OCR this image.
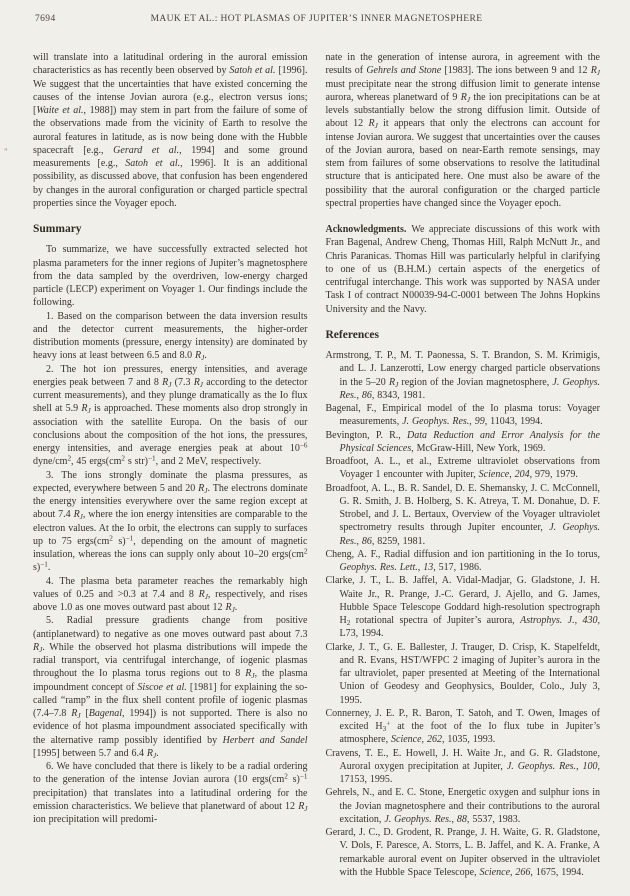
7694	MAUK ET AL.: HOT PLASMAS OF JUPITER’S INNER MAGNETOSPHERE
”

will translate into a latitudinal ordering in the auroral emission characteristics as has recently been observed by Satoh et al. [1996]. We suggest that the uncertainties that have existed concerning the causes of the intense Jovian aurora (e.g., electron versus ions; [Waite et al., 1988]) may stem in part from the failure of some of the observations made from the vicinity of Earth to resolve the auroral features in latitude, as is now being done with the Hubble spacecraft [e.g., Gerard et al., 1994] and some ground measurements [e.g., Satoh et al., 1996]. It is an additional possibility, as discussed above, that confusion has been engendered by changes in the auroral configuration or charged particle spectral properties since the Voyager epoch.

Summary

To summarize, we have successfully extracted selected hot plasma parameters for the inner regions of Jupiter’s magnetosphere from the data sampled by the overdriven, low-energy charged particle (LECP) experiment on Voyager 1. Our findings include the following.

1. Based on the comparison between the data inversion results and the detector current measurements, the higher-order distribution moments (pressure, energy intensity) are dominated by heavy ions at least between 6.5 and 8.0 $R_J$.

2. The hot ion pressures, energy intensities, and average energies peak between 7 and 8 $R_J$ (7.3 $R_J$ according to the detector current measurements), and they plunge dramatically as the Io flux shell at 5.9 $R_J$ is approached. These moments also drop strongly in association with the satellite Europa. On the basis of our conclusions about the composition of the hot ions, the pressures, energy intensities, and average energies peak at about $10^{-6}$ dyne/$cm^2$, 45 $ergs(cm^2$ s str)$^{-1}$, and 2 MeV, respectively.

3. The ions strongly dominate the plasma pressures, as expected, everywhere between 5 and 20 $R_J$. The electrons dominate the energy intensities everywhere over the same region except at about 7.4 $R_J$, where the ion energy intensities are comparable to the electron values. At the Io orbit, the electrons can supply to surfaces up to 75 $ergs(cm^2$ s)$^{-1}$, depending on the amount of magnetic insulation, whereas the ions can supply only about 10–20 $ergs(cm^2$ s)$^{-1}$.

4. The plasma beta parameter reaches the remarkably high values of 0.25 and >0.3 at 7.4 and 8 $R_J$, respectively, and rises above 1.0 as one moves outward past about 12 $R_J$.

5. Radial pressure gradients change from positive (antiplanetward) to negative as one moves outward past about 7.3 $R_J$. While the observed hot plasma distributions will impede the radial transport, via centrifugal interchange, of iogenic plasmas throughout the Io plasma torus regions out to 8 $R_J$, the plasma impoundment concept of Siscoe et al. [1981] for explaining the so-called “ramp” in the flux shell content profile of iogenic plasmas (7.4–7.8 $R_J$ [Bagenal, 1994]) is not supported. There is also no evidence of hot plasma impoundment associated specifically with the alternative ramp possibly identified by Herbert and Sandel [1995] between 5.7 and 6.4 $R_J$.

6. We have concluded that there is likely to be a radial ordering to the generation of the intense Jovian aurora (10 $ergs(cm^2$ s)$^{-1}$ precipitation) that translates into a latitudinal ordering for the emission characteristics. We believe that planetward of about 12 $R_J$ ion precipitation will predomi-

nate in the generation of intense aurora, in agreement with the results of Gehrels and Stone [1983]. The ions between 9 and 12 $R_J$ must precipitate near the strong diffusion limit to generate intense aurora, whereas planetward of 9 $R_J$ the ion precipitations can be at levels substantially below the strong diffusion limit. Outside of about 12 $R_J$ it appears that only the electrons can account for intense Jovian aurora. We suggest that uncertainties over the causes of the Jovian aurora, based on near-Earth remote sensings, may stem from failures of some observations to resolve the latitudinal structure that is anticipated here. One must also be aware of the possibility that the auroral configuration or the charged particle spectral properties have changed since the Voyager epoch.

Acknowledgments. We appreciate discussions of this work with Fran Bagenal, Andrew Cheng, Thomas Hill, Ralph McNutt Jr., and Chris Paranicas. Thomas Hill was particularly helpful in clarifying to one of us (B.H.M.) certain aspects of the energetics of centrifugal interchange. This work was supported by NASA under Task I of contract N00039-94-C-0001 between The Johns Hopkins University and the Navy.

References

Armstrong, T. P., M. T. Paonessa, S. T. Brandon, S. M. Krimigis, and L. J. Lanzerotti, Low energy charged particle observations in the 5–20 $R_J$ region of the Jovian magnetosphere, J. Geophys. Res., 86, 8343, 1981.

Bagenal, F., Empirical model of the Io plasma torus: Voyager measurements, J. Geophys. Res., 99, 11043, 1994.

Bevington, P. R., Data Reduction and Error Analysis for the Physical Sciences, McGraw-Hill, New York, 1969.

Broadfoot, A. L., et al., Extreme ultraviolet observations from Voyager 1 encounter with Jupiter, Science, 204, 979, 1979.

Broadfoot, A. L., B. R. Sandel, D. E. Shemansky, J. C. McConnell, G. R. Smith, J. B. Holberg, S. K. Atreya, T. M. Donahue, D. F. Strobel, and J. L. Bertaux, Overview of the Voyager ultraviolet spectrometry results through Jupiter encounter, J. Geophys. Res., 86, 8259, 1981.

Cheng, A. F., Radial diffusion and ion partitioning in the Io torus, Geophys. Res. Lett., 13, 517, 1986.

Clarke, J. T., L. B. Jaffel, A. Vidal-Madjar, G. Gladstone, J. H. Waite Jr., R. Prange, J.-C. Gerard, J. Ajello, and G. James, Hubble Space Telescope Goddard high-resolution spectrograph $H_2$ rotational spectra of Jupiter’s aurora, Astrophys. J., 430, L73, 1994.

Clarke, J. T., G. E. Ballester, J. Trauger, D. Crisp, K. Stapelfeldt, and R. Evans, HST/WFPC 2 imaging of Jupiter’s aurora in the far ultraviolet, paper presented at Meeting of the International Union of Geodesy and Geophysics, Boulder, Colo., July 3, 1995.

Connerney, J. E. P., R. Baron, T. Satoh, and T. Owen, Images of excited $H_3^+$ at the foot of the Io flux tube in Jupiter’s atmosphere, Science, 262, 1035, 1993.

Cravens, T. E., E. Howell, J. H. Waite Jr., and G. R. Gladstone, Auroral oxygen precipitation at Jupiter, J. Geophys. Res., 100, 17153, 1995.

Gehrels, N., and E. C. Stone, Energetic oxygen and sulphur ions in the Jovian magnetosphere and their contributions to the auroral excitation, J. Geophys. Res., 88, 5537, 1983.

Gerard, J. C., D. Grodent, R. Prange, J. H. Waite, G. R. Gladstone, V. Dols, F. Paresce, A. Storrs, L. B. Jaffel, and K. A. Franke, A remarkable auroral event on Jupiter observed in the ultraviolet with the Hubble Space Telescope, Science, 266, 1675, 1994.
